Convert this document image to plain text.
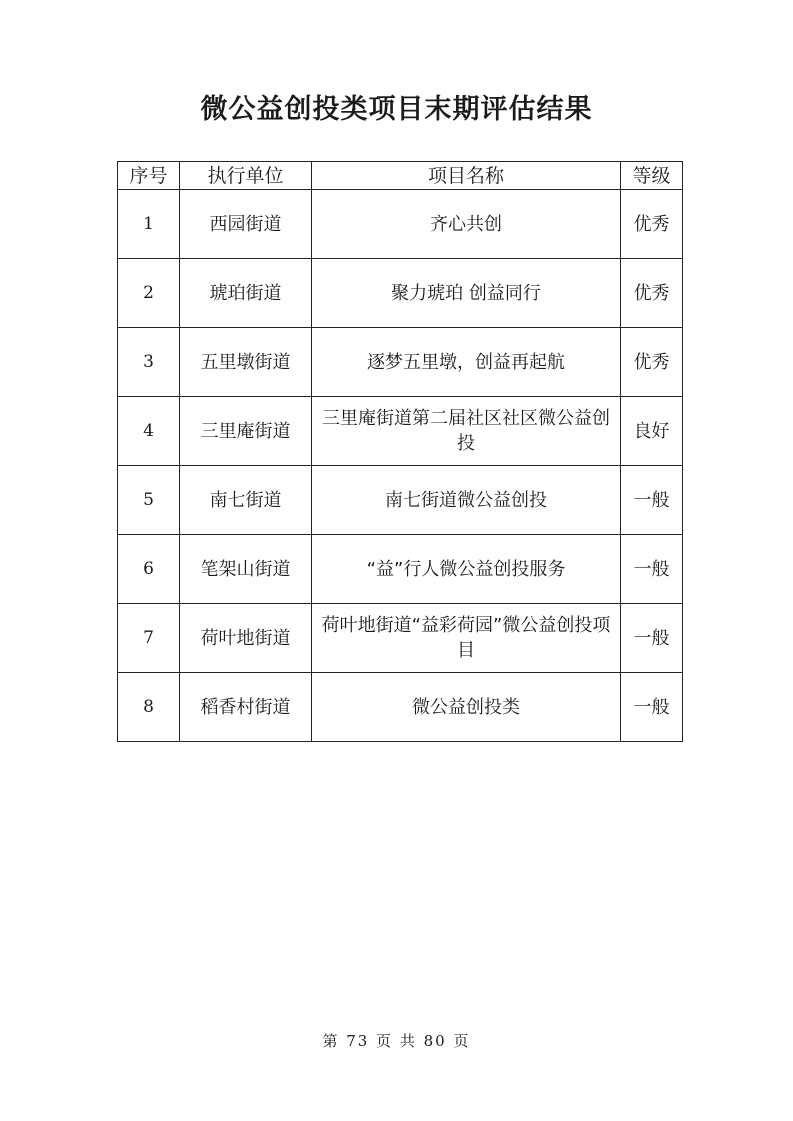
微公益创投类项目末期评估结果
序号	执行单位	项目名称	等级
1	西园街道	齐心共创	优秀
2	琥珀街道	聚力琥珀 创益同行	优秀
3	五里墩街道	逐梦五里墩，创益再起航	优秀
4	三里庵街道	三里庵街道第二届社区社区微公益创投	良好
5	南七街道	南七街道微公益创投	一般
6	笔架山街道	“益”行人微公益创投服务	一般
7	荷叶地街道	荷叶地街道“益彩荷园”微公益创投项目	一般
8	稻香村街道	微公益创投类	一般
第 73 页 共 80 页
